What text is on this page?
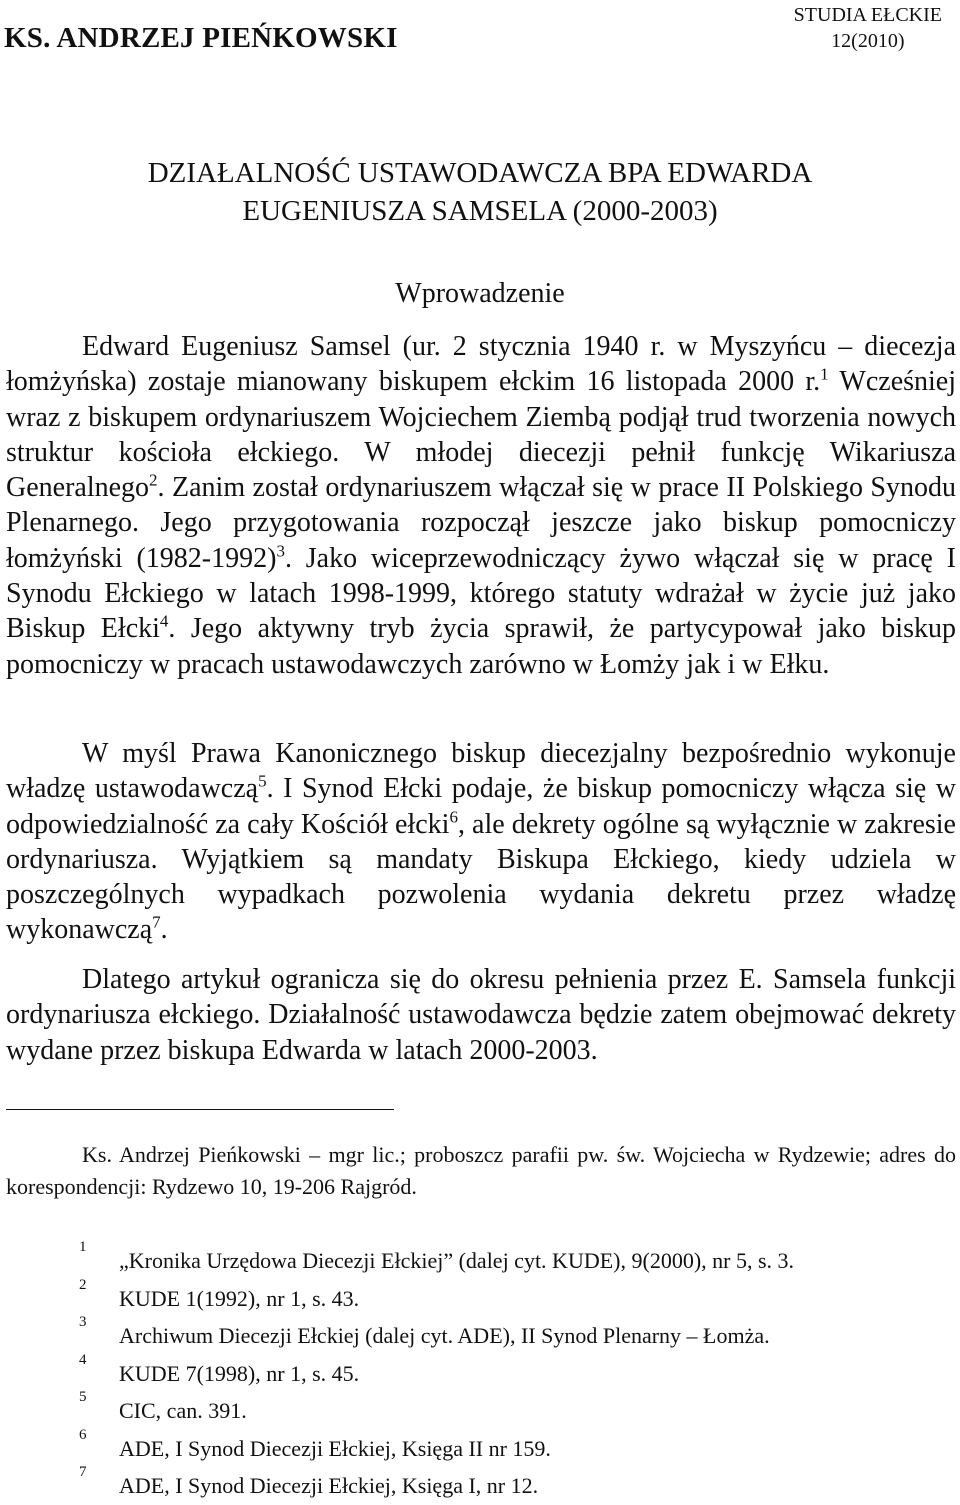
KS. ANDRZEJ PIEŃKOWSKI
STUDIA EŁCKIE
12(2010)
DZIAŁALNOŚĆ USTAWODAWCZA BPA EDWARDA
EUGENIUSZA SAMSELA (2000-2003)
Wprowadzenie

Edward Eugeniusz Samsel (ur. 2 stycznia 1940 r. w Myszyńcu – diecezja łomżyńska) zostaje mianowany biskupem ełckim 16 listopada 2000 r.$^1$ Wcześniej wraz z biskupem ordynariuszem Wojciechem Ziembą podjął trud tworzenia nowych struktur kościoła ełckiego. W młodej diecezji pełnił funkcję Wikariusza Generalnego$^2$. Zanim został ordynariuszem włączał się w prace II Polskiego Synodu Plenarnego. Jego przygotowania rozpoczął jeszcze jako biskup pomocniczy łomżyński (1982-1992)$^3$. Jako wiceprzewodniczący żywo włączał się w pracę I Synodu Ełckiego w latach 1998-1999, którego statuty wdrażał w życie już jako Biskup Ełcki$^4$. Jego aktywny tryb życia sprawił, że partycypował jako biskup pomocniczy w pracach ustawodawczych zarówno w Łomży jak i w Ełku.

W myśl Prawa Kanonicznego biskup diecezjalny bezpośrednio wykonuje władzę ustawodawczą$^5$. I Synod Ełcki podaje, że biskup pomocniczy włącza się w odpowiedzialność za cały Kościół ełcki$^6$, ale dekrety ogólne są wyłącznie w zakresie ordynariusza. Wyjątkiem są mandaty Biskupa Ełckiego, kiedy udziela w poszczególnych wypadkach pozwolenia wydania dekretu przez władzę wykonawczą$^7$.

Dlatego artykuł ogranicza się do okresu pełnienia przez E. Samsela funkcji ordynariusza ełckiego. Działalność ustawodawcza będzie zatem obejmować dekrety wydane przez biskupa Edwarda w latach 2000-2003.

Ks. Andrzej Pieńkowski – mgr lic.; proboszcz parafii pw. św. Wojciecha w Rydzewie; adres do korespondencji: Rydzewo 10, 19-206 Rajgród.

1
„Kronika Urzędowa Diecezji Ełckiej” (dalej cyt. KUDE), 9(2000), nr 5, s. 3.
2
KUDE 1(1992), nr 1, s. 43.
3
Archiwum Diecezji Ełckiej (dalej cyt. ADE), II Synod Plenarny – Łomża.
4
KUDE 7(1998), nr 1, s. 45.
5
CIC, can. 391.
6
ADE, I Synod Diecezji Ełckiej, Księga II nr 159.
7
ADE, I Synod Diecezji Ełckiej, Księga I, nr 12.
